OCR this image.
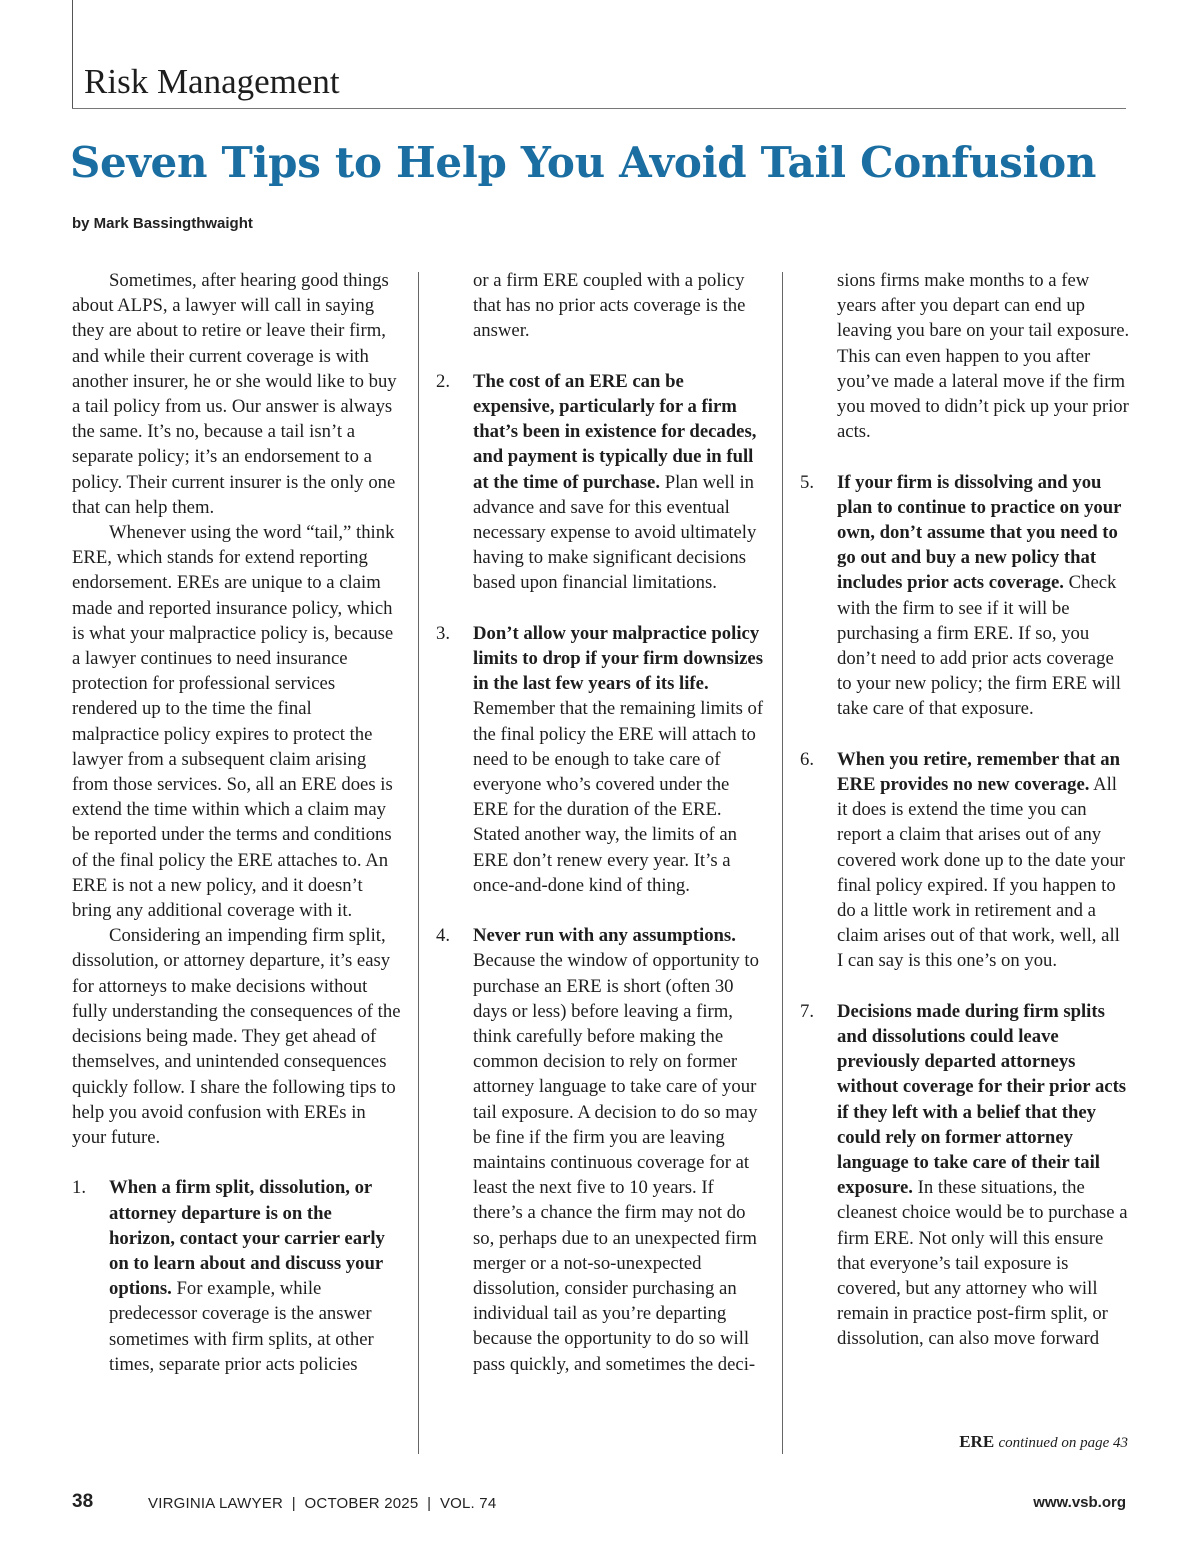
Risk Management
Seven Tips to Help You Avoid Tail Confusion
by Mark Bassingthwaight

Sometimes, after hearing good things about ALPS, a lawyer will call in saying they are about to retire or leave their firm, and while their current coverage is with another insurer, he or she would like to buy a tail policy from us. Our answer is always the same. It’s no, because a tail isn’t a separate policy; it’s an endorsement to a policy. Their current insurer is the only one that can help them.

Whenever using the word “tail,” think ERE, which stands for extend reporting endorsement. EREs are unique to a claim made and reported insurance policy, which is what your malpractice policy is, because a lawyer continues to need insurance protection for professional services rendered up to the time the final malpractice policy expires to protect the lawyer from a subsequent claim arising from those services. So, all an ERE does is extend the time within which a claim may be reported under the terms and conditions of the final policy the ERE attaches to. An ERE is not a new policy, and it doesn’t bring any additional coverage with it.

Considering an impending firm split, dissolution, or attorney departure, it’s easy for attorneys to make decisions without fully understanding the consequences of the decisions being made. They get ahead of themselves, and unintended consequences quickly follow. I share the following tips to help you avoid confusion with EREs in your future.

1. When a firm split, dissolution, or attorney departure is on the horizon, contact your carrier early on to learn about and discuss your options. For example, while predecessor coverage is the answer sometimes with firm splits, at other times, separate prior acts policies
or a firm ERE coupled with a policy that has no prior acts coverage is the answer.
2. The cost of an ERE can be expensive, particularly for a firm that’s been in existence for decades, and payment is typically due in full at the time of purchase. Plan well in advance and save for this eventual necessary expense to avoid ultimately having to make significant decisions based upon financial limitations.
3. Don’t allow your malpractice policy limits to drop if your firm downsizes in the last few years of its life. Remember that the remaining limits of the final policy the ERE will attach to need to be enough to take care of everyone who’s covered under the ERE for the duration of the ERE. Stated another way, the limits of an ERE don’t renew every year. It’s a once-and-done kind of thing.
4. Never run with any assumptions. Because the window of opportunity to purchase an ERE is short (often 30 days or less) before leaving a firm, think carefully before making the common decision to rely on former attorney language to take care of your tail exposure. A decision to do so may be fine if the firm you are leaving maintains continuous coverage for at least the next five to 10 years. If there’s a chance the firm may not do so, perhaps due to an unexpected firm merger or a not-so-unexpected dissolution, consider purchasing an individual tail as you’re departing because the opportunity to do so will pass quickly, and sometimes the deci-
sions firms make months to a few years after you depart can end up leaving you bare on your tail exposure. This can even happen to you after you’ve made a lateral move if the firm you moved to didn’t pick up your prior acts.
5. If your firm is dissolving and you plan to continue to practice on your own, don’t assume that you need to go out and buy a new policy that includes prior acts coverage. Check with the firm to see if it will be purchasing a firm ERE. If so, you don’t need to add prior acts coverage to your new policy; the firm ERE will take care of that exposure.
6. When you retire, remember that an ERE provides no new coverage. All it does is extend the time you can report a claim that arises out of any covered work done up to the date your final policy expired. If you happen to do a little work in retirement and a claim arises out of that work, well, all I can say is this one’s on you.
7. Decisions made during firm splits and dissolutions could leave previously departed attorneys without coverage for their prior acts if they left with a belief that they could rely on former attorney language to take care of their tail exposure. In these situations, the cleanest choice would be to purchase a firm ERE. Not only will this ensure that everyone’s tail exposure is covered, but any attorney who will remain in practice post-firm split, or dissolution, can also move forward
ERE continued on page 43
38	VIRGINIA LAWYER  |  OCTOBER 2025  |  VOL. 74	www.vsb.org
